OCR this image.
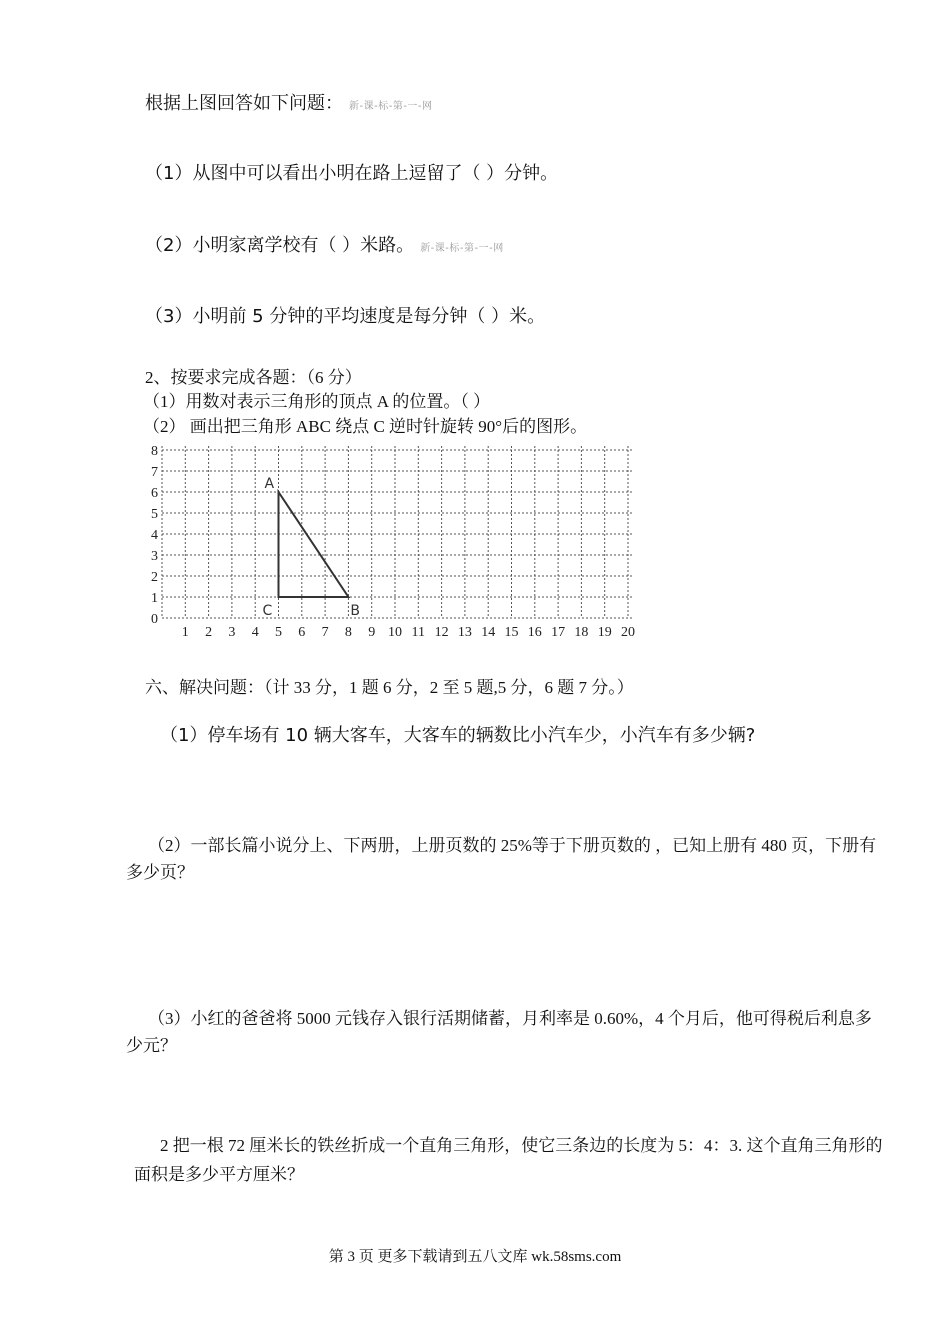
根据上图回答如下问题： 新-课-标-第-一-网
（1）从图中可以看出小明在路上逗留了（ ）分钟。
（2）小明家离学校有（ ）米路。 新-课-标-第-一-网
（3）小明前 5 分钟的平均速度是每分钟（ ）米。
2、按要求完成各题：（6 分）
（1）用数对表示三角形的顶点 A 的位置。（ ）
（2） 画出把三角形 ABC 绕点 C 逆时针旋转 90°后的图形。
1 2 3 4 5 6 7 8 9 10 11 12 13 14 15 16 17 18 19 20
0
1
2
3
4
5
6
7
8
A
B
C
六、解决问题：（计 33 分，1 题 6 分，2 至 5 题,5 分，6 题 7 分。）
（1）停车场有 10 辆大客车，大客车的辆数比小汽车少，小汽车有多少辆?
（2）一部长篇小说分上、下两册，上册页数的 25%等于下册页数的 ，已知上册有 480 页，下册有多少页？
（3）小红的爸爸将 5000 元钱存入银行活期储蓄，月利率是 0.60%，4 个月后，他可得税后利息多少元？
2 把一根 72 厘米长的铁丝折成一个直角三角形，使它三条边的长度为 5：4：3. 这个直角三角形的面积是多少平方厘米？
第 3 页 更多下载请到五八文库 wk.58sms.com
